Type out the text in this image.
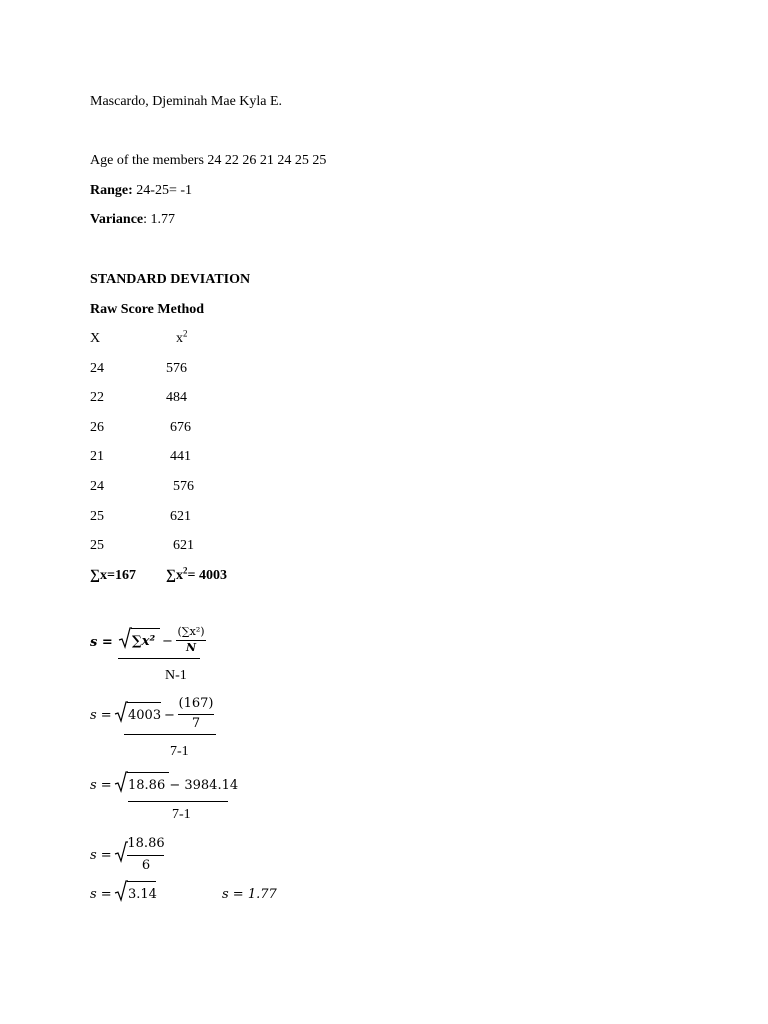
Mascardo, Djeminah Mae Kyla E.
Age of the members 24 22 26 21 24 25 25
Range: 24-25= -1
Variance: 1.77
STANDARD DEVIATION
Raw Score Method
X	$x^2$
24	576
22	484
26	676
21	441
24	576
25	621
25	621
∑x=167 $\sum x^2= 4003$
s = ∑x² −
(∑x²)
N
N-1
s = 4003 −
(167)
7
7-1
s = 18.86 − 3984.14
7-1
s =
18.86
6
s = 3.14	s = 1.77
